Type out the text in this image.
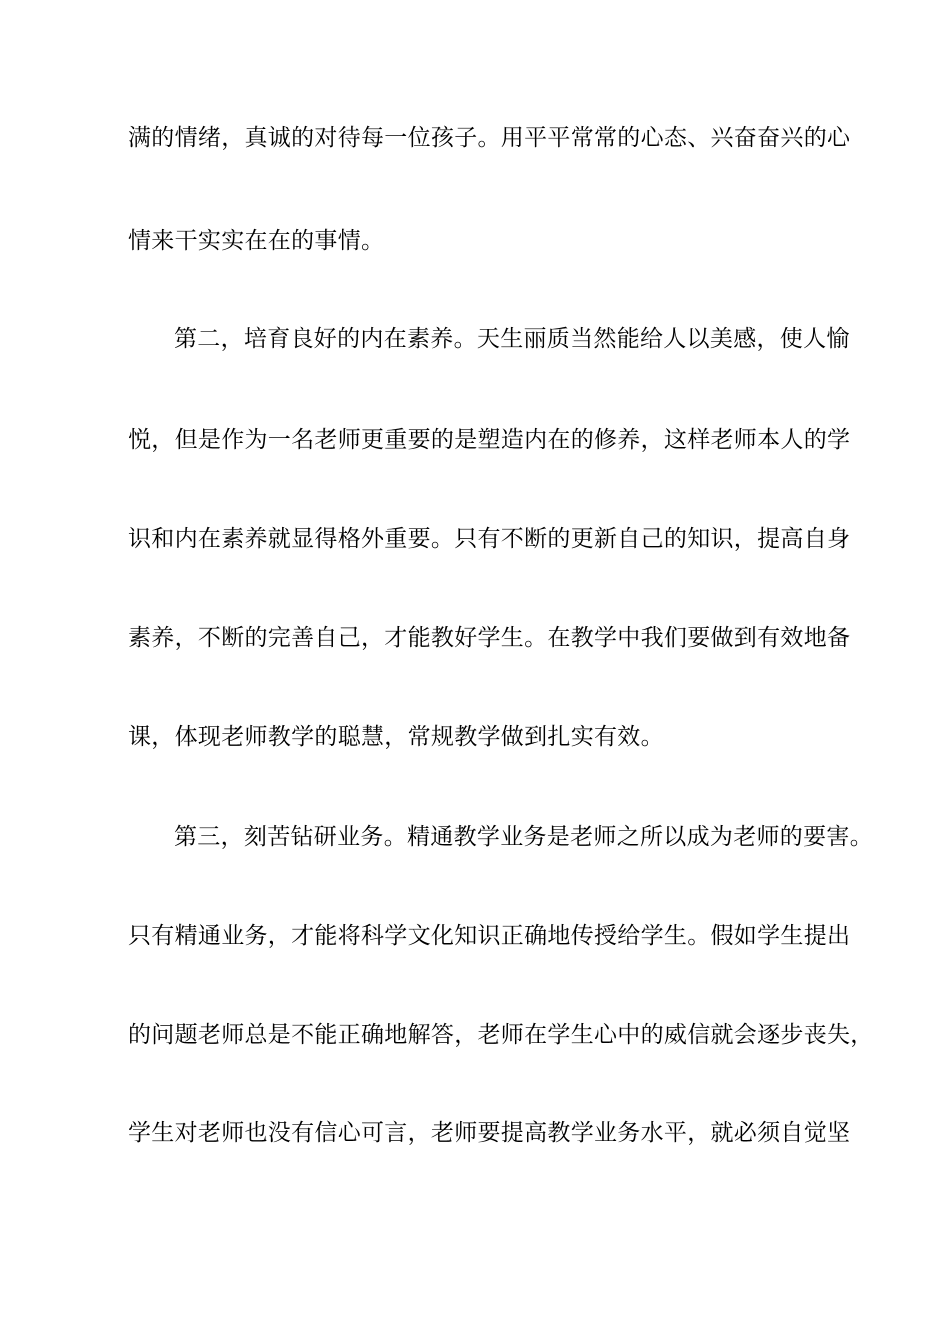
满的情绪，真诚的对待每一位孩子。用平平常常的心态、兴奋奋兴的心
情来干实实在在的事情。
第二，培育良好的内在素养。天生丽质当然能给人以美感，使人愉
悦，但是作为一名老师更重要的是塑造内在的修养，这样老师本人的学
识和内在素养就显得格外重要。只有不断的更新自己的知识，提高自身
素养，不断的完善自己，才能教好学生。在教学中我们要做到有效地备
课，体现老师教学的聪慧，常规教学做到扎实有效。
第三，刻苦钻研业务。精通教学业务是老师之所以成为老师的要害。
只有精通业务，才能将科学文化知识正确地传授给学生。假如学生提出
的问题老师总是不能正确地解答，老师在学生心中的威信就会逐步丧失，
学生对老师也没有信心可言，老师要提高教学业务水平，就必须自觉坚
